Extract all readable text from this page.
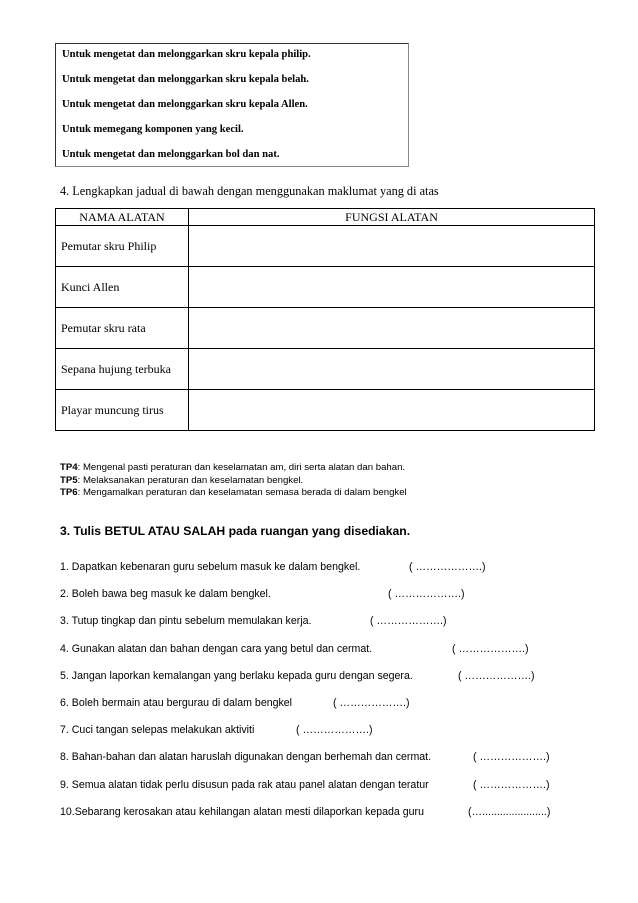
Untuk mengetat dan melonggarkan skru kepala philip.
Untuk mengetat dan melonggarkan skru kepala belah.
Untuk mengetat dan melonggarkan skru kepala Allen.
Untuk memegang komponen yang kecil.
Untuk mengetat dan melonggarkan bol dan nat.
4. Lengkapkan jadual di bawah dengan menggunakan maklumat yang di atas
NAMA ALATAN	FUNGSI ALATAN
Pemutar skru Philip	
Kunci Allen	
Pemutar skru rata	
Sepana hujung terbuka	
Playar muncung tirus	
TP4: Mengenal pasti peraturan dan keselamatan am, diri serta alatan dan bahan.
TP5: Melaksanakan peraturan dan keselamatan bengkel.
TP6: Mengamalkan peraturan dan keselamatan semasa berada di dalam bengkel
3. Tulis BETUL ATAU SALAH pada ruangan yang disediakan.
1. Dapatkan kebenaran guru sebelum masuk ke dalam bengkel.	( ……………….)
2. Boleh bawa beg masuk ke dalam bengkel.	( ……………….)
3. Tutup tingkap dan pintu sebelum memulakan kerja.	( ……………….)
4. Gunakan alatan dan bahan dengan cara yang betul dan cermat.	( ……………….)
5. Jangan laporkan kemalangan yang berlaku kepada guru dengan segera.	( ……………….)
6. Boleh bermain atau bergurau di dalam bengkel	( ……………….)
7. Cuci tangan selepas melakukan aktiviti	( ……………….)
8. Bahan-bahan dan alatan haruslah digunakan dengan berhemah dan cermat.	( ……………….)
9. Semua alatan tidak perlu disusun pada rak atau panel alatan dengan teratur	( ……………….)
10.Sebarang kerosakan atau kehilangan alatan mesti dilaporkan kepada guru	(…......................)
